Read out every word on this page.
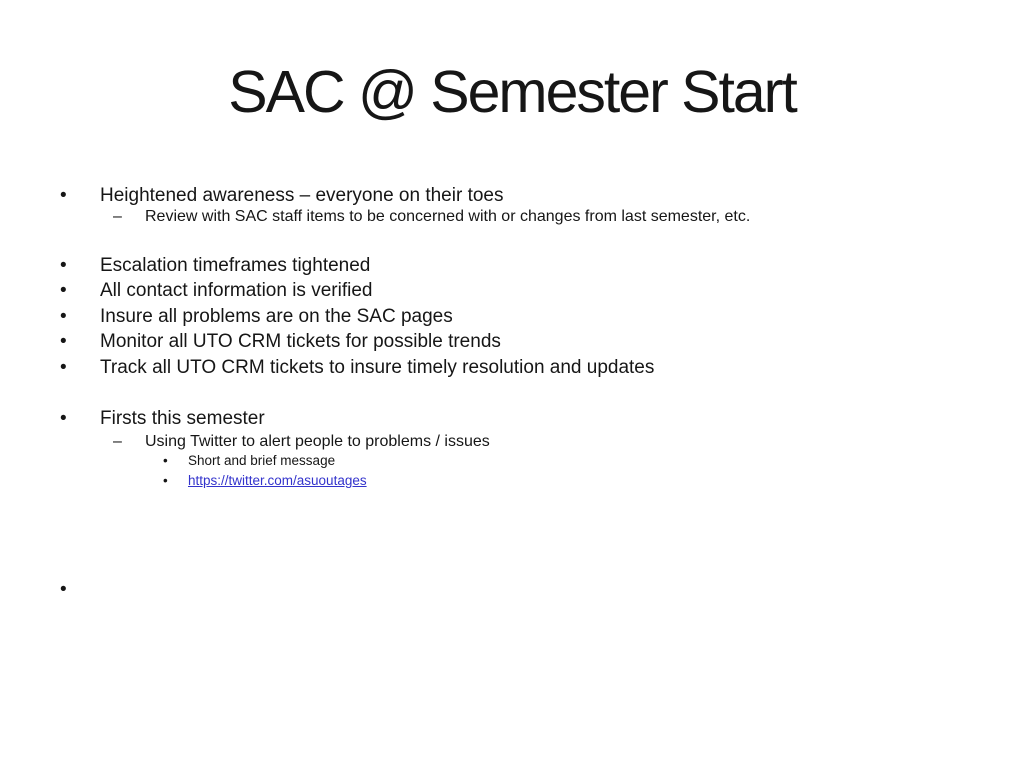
SAC @ Semester Start
• Heightened awareness – everyone on their toes
– Review with SAC staff items to be concerned with or changes from last semester, etc.
• Escalation timeframes tightened
• All contact information is verified
• Insure all problems are on the SAC pages
• Monitor all UTO CRM tickets for possible trends
• Track all UTO CRM tickets to insure timely resolution and updates
• Firsts this semester
– Using Twitter to alert people to problems / issues
• Short and brief message
• https://twitter.com/asuoutages
•
